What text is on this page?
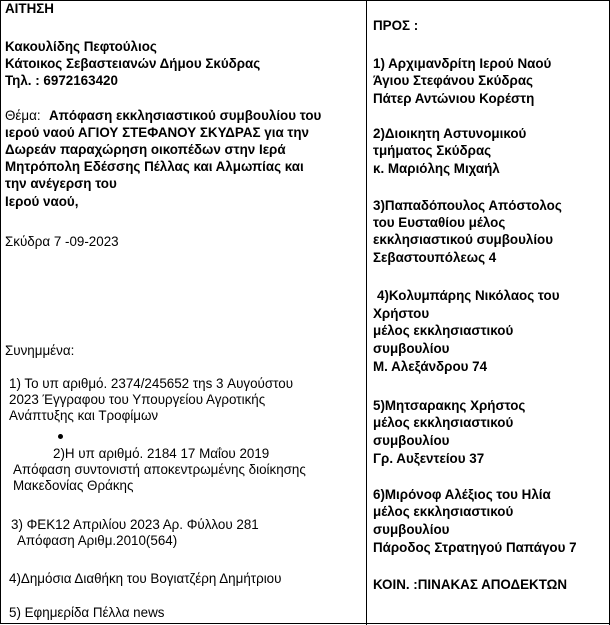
ΑΙΤΗΣΗ
Κακουλίδης Πεφτούλιος
Κάτοικος Σεβαστειανών Δήμου Σκύδρας
Τηλ. : 6972163420
Θέμα: Απόφαση εκκλησιαστικού συμβουλίου του
ιερού ναού ΑΓΙΟΥ ΣΤΕΦΑΝΟΥ ΣΚΥΔΡΑΣ για την
Δωρεάν παραχώρηση οικοπέδων στην Ιερά
Μητρόπολη Εδέσσης Πέλλας και Αλμωπίας και
την ανέγερση του
Ιερού ναού,
Σκύδρα 7 -09-2023
Συνημμένα:
1) Το υπ αριθμό. 2374/245652 τηs 3 Αυγούστου
2023 Έγγραφου του Υπουργείου Αγροτικής
Ανάπτυξης και Τροφίμων
2)Η υπ αριθμό. 2184 17 Μαΐου 2019
Απόφαση συντονιστή αποκεντρωμένης διοίκησης
Μακεδονίας Θράκης
3) ΦΕΚ12 Απριλίου 2023 Αρ. Φύλλου 281
Απόφαση Αριθμ.2010(564)
4)Δημόσια Διαθήκη του Βογιατζέρη Δημήτριου
5) Εφημερίδα Πέλλα news
ΠΡΟΣ :
1) Αρχιμανδρίτη Ιερού Ναού
Άγιου Στεφάνου Σκύδρας
Πάτερ Αντώνιου Κορέστη
2)Διοικητη Αστυνομικού
τμήματος Σκύδρας
κ. Μαριόλης Μιχαήλ
3)Παπαδόπουλος Απόστολος
του Ευσταθίου μέλος
εκκλησιαστικού συμβουλίου
Σεβαστουπόλεως 4
4)Κολυμπάρης Νικόλαος του
Χρήστου
μέλος εκκλησιαστικού
συμβουλίου
Μ. Αλεξάνδρου 74
5)Μητσαρακης Χρήστος
μέλος εκκλησιαστικού
συμβουλίου
Γρ. Αυξεντείου 37
6)Μιρόνοφ Αλέξιος του Ηλία
μέλος εκκλησιαστικού
συμβουλίου
Πάροδος Στρατηγού Παπάγου 7
ΚΟΙΝ. :ΠΙΝΑΚΑΣ ΑΠΟΔΕΚΤΩΝ
